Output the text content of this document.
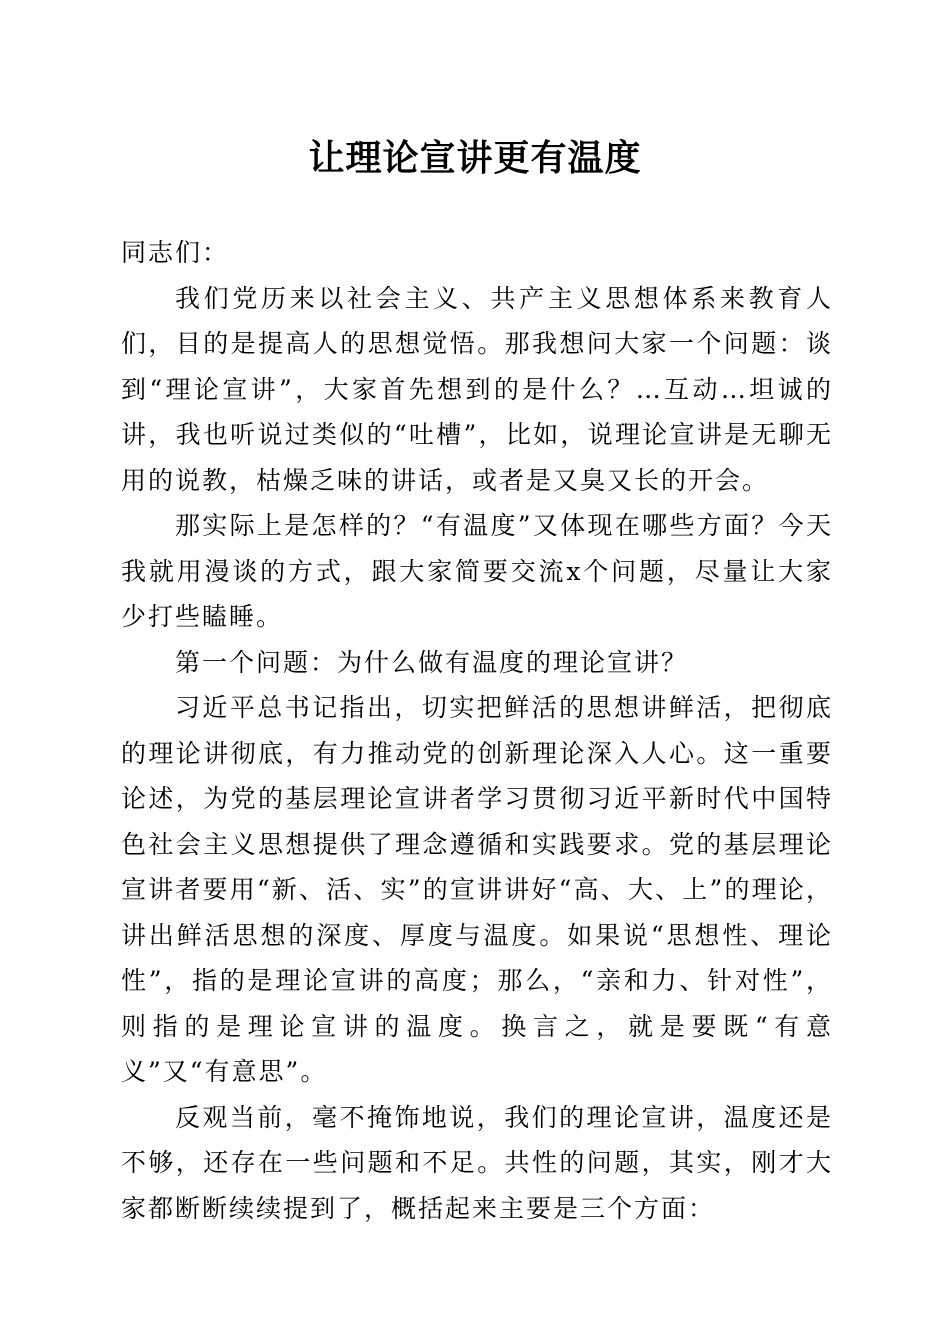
让理论宣讲更有温度

同志们：

我们党历来以社会主义、共产主义思想体系来教育人们，目的是提高人的思想觉悟。那我想问大家一个问题：谈到“理论宣讲”，大家首先想到的是什么？…互动…坦诚的讲，我也听说过类似的“吐槽”，比如，说理论宣讲是无聊无用的说教，枯燥乏味的讲话，或者是又臭又长的开会。

那实际上是怎样的？“有温度”又体现在哪些方面？今天我就用漫谈的方式，跟大家简要交流x个问题，尽量让大家少打些瞌睡。

第一个问题：为什么做有温度的理论宣讲？

习近平总书记指出，切实把鲜活的思想讲鲜活，把彻底的理论讲彻底，有力推动党的创新理论深入人心。这一重要论述，为党的基层理论宣讲者学习贯彻习近平新时代中国特色社会主义思想提供了理念遵循和实践要求。党的基层理论宣讲者要用“新、活、实”的宣讲讲好“高、大、上”的理论，讲出鲜活思想的深度、厚度与温度。如果说“思想性、理论性”，指的是理论宣讲的高度；那么，“亲和力、针对性”，则指的是理论宣讲的温度。换言之，就是要既“有意义”又“有意思”。

反观当前，毫不掩饰地说，我们的理论宣讲，温度还是不够，还存在一些问题和不足。共性的问题，其实，刚才大家都断断续续提到了，概括起来主要是三个方面：
